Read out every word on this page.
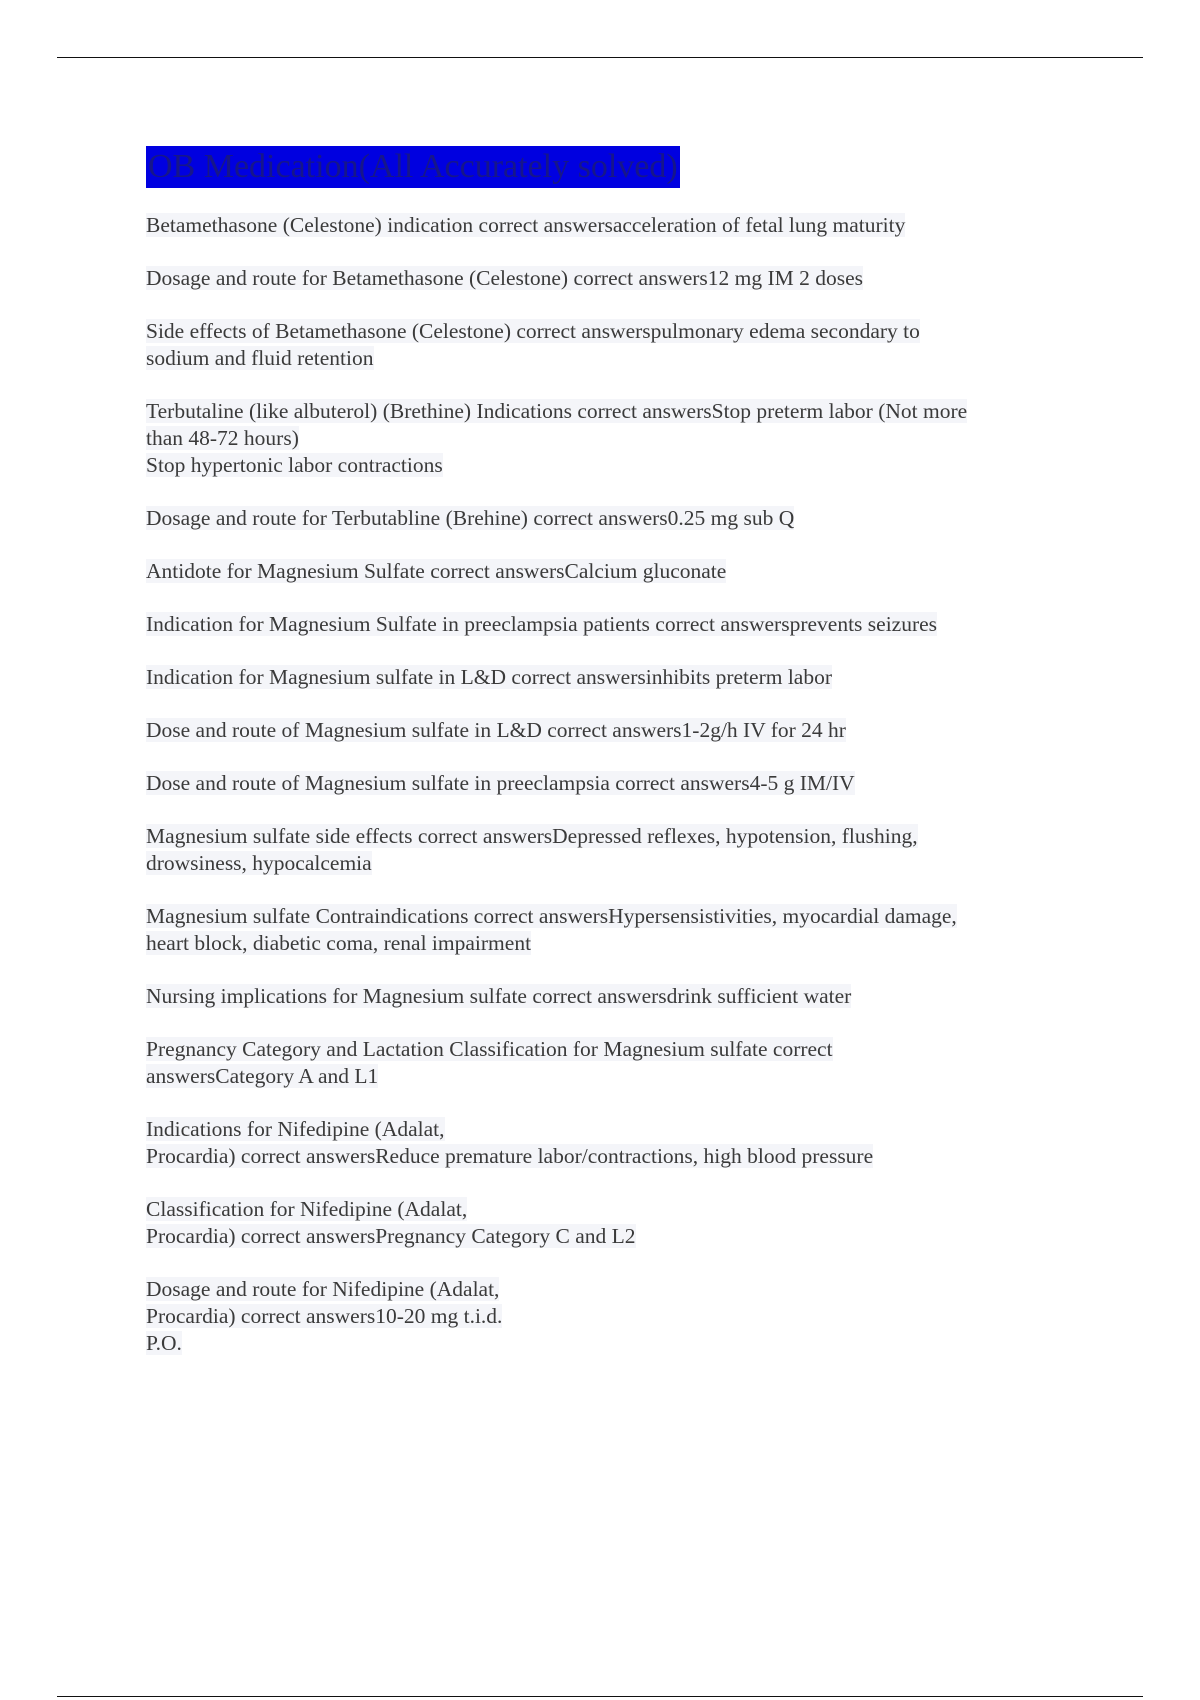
OB Medication(All Accurately solved)
Betamethasone (Celestone) indication correct answersacceleration of fetal lung maturity
Dosage and route for Betamethasone (Celestone) correct answers12 mg IM 2 doses
Side effects of Betamethasone (Celestone) correct answerspulmonary edema secondary to
sodium and fluid retention
Terbutaline (like albuterol) (Brethine) Indications correct answersStop preterm labor (Not more
than 48-72 hours)
Stop hypertonic labor contractions
Dosage and route for Terbutabline (Brehine) correct answers0.25 mg sub Q
Antidote for Magnesium Sulfate correct answersCalcium gluconate
Indication for Magnesium Sulfate in preeclampsia patients correct answersprevents seizures
Indication for Magnesium sulfate in L&D correct answersinhibits preterm labor
Dose and route of Magnesium sulfate in L&D correct answers1-2g/h IV for 24 hr
Dose and route of Magnesium sulfate in preeclampsia correct answers4-5 g IM/IV
Magnesium sulfate side effects correct answersDepressed reflexes, hypotension, flushing,
drowsiness, hypocalcemia
Magnesium sulfate Contraindications correct answersHypersensistivities, myocardial damage,
heart block, diabetic coma, renal impairment
Nursing implications for Magnesium sulfate correct answersdrink sufficient water
Pregnancy Category and Lactation Classification for Magnesium sulfate correct
answersCategory A and L1
Indications for Nifedipine (Adalat,
Procardia) correct answersReduce premature labor/contractions, high blood pressure
Classification for Nifedipine (Adalat,
Procardia) correct answersPregnancy Category C and L2
Dosage and route for Nifedipine (Adalat,
Procardia) correct answers10-20 mg t.i.d.
P.O.
